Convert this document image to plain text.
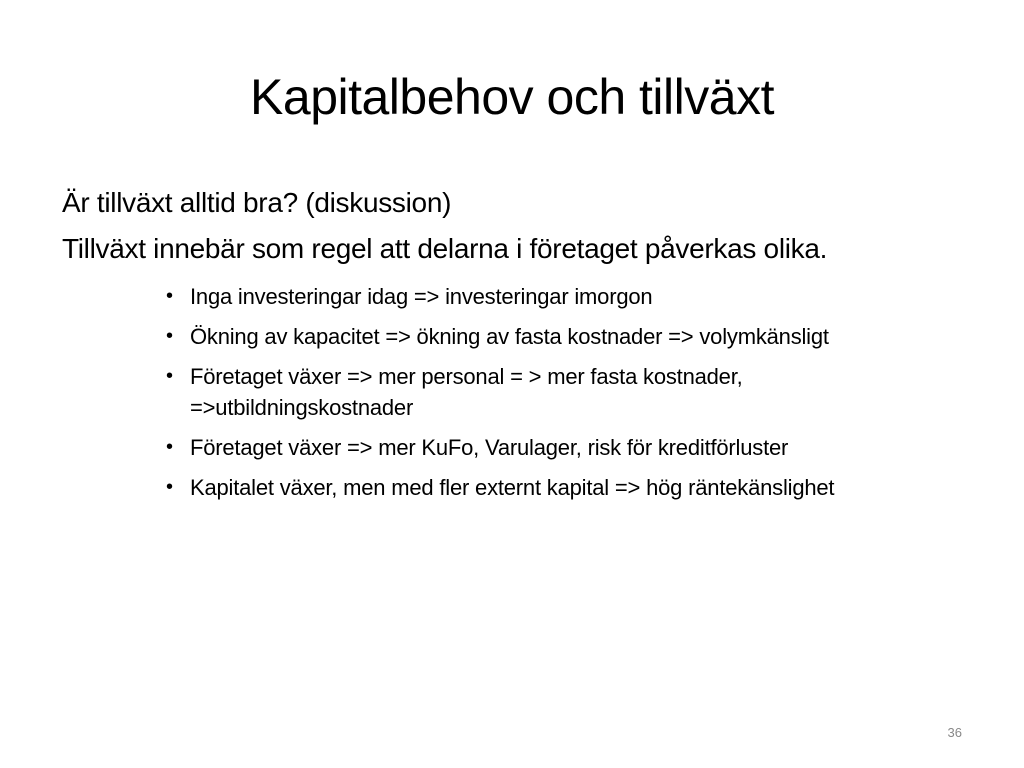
Kapitalbehov och tillväxt

Är tillväxt alltid bra? (diskussion)

Tillväxt innebär som regel att delarna i företaget påverkas olika.

• Inga investeringar idag => investeringar imorgon
• Ökning av kapacitet => ökning av fasta kostnader => volymkänsligt
• Företaget växer => mer personal = > mer fasta kostnader, =>utbildningskostnader
• Företaget växer => mer KuFo, Varulager, risk för kreditförluster
• Kapitalet växer, men med fler externt kapital => hög räntekänslighet
36
